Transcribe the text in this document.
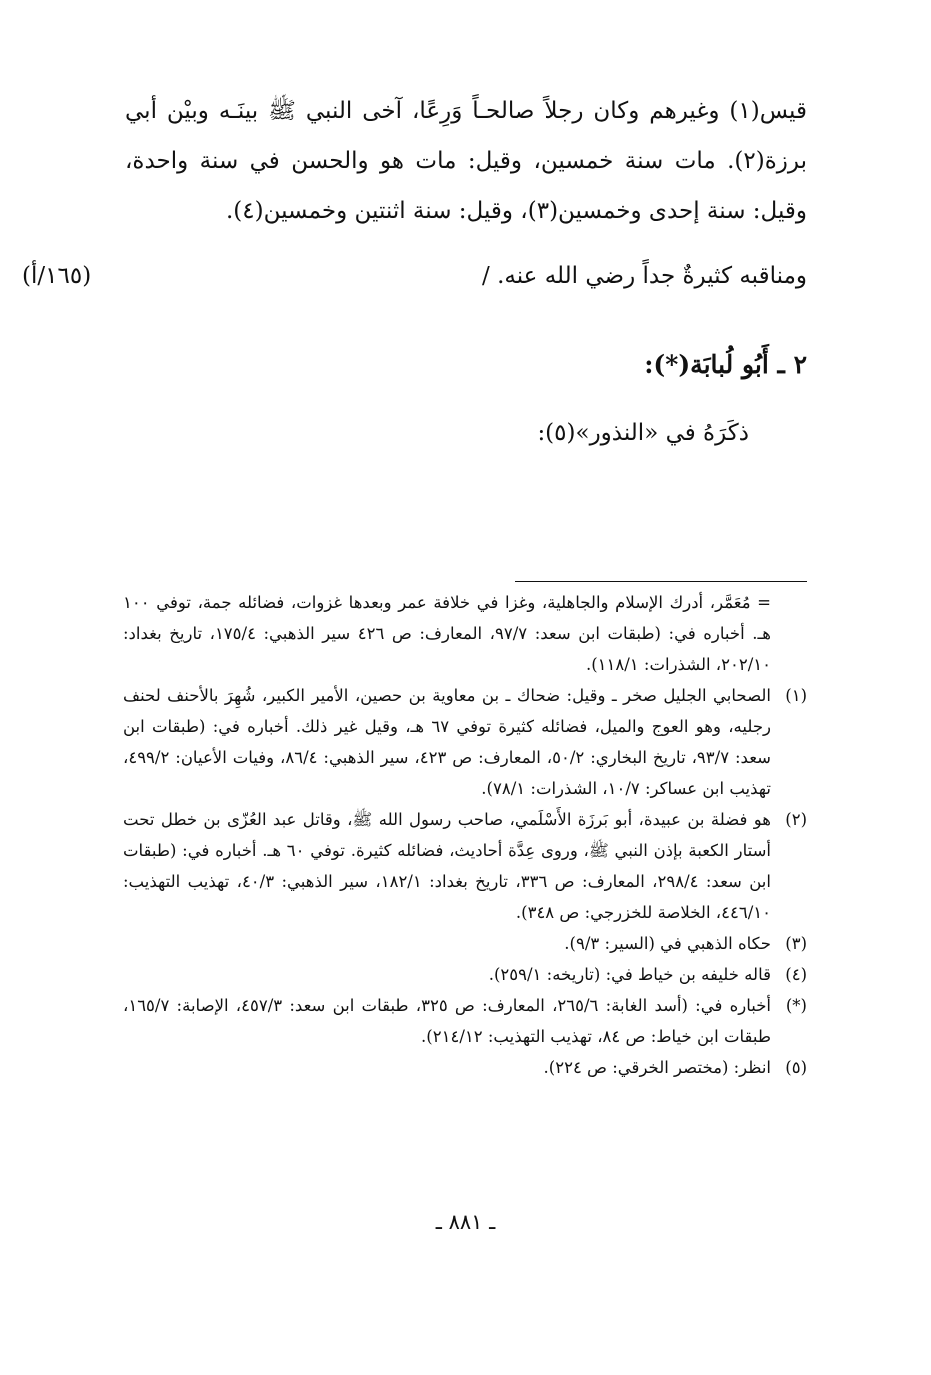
قيس(١) وغيرهم وكان رجلاً صالحـاً وَرِعًا، آخى النبي ﷺ بينَـه وبيْن أبي برزة(٢). مات سنة خمسين، وقيل: مات هو والحسن في سنة واحدة، وقيل: سنة إحدى وخمسين(٣)، وقيل: سنة اثنتين وخمسين(٤).

ومناقبه كثيرةٌ جداً رضي الله عنه. /
(١٦٥/أ)
٢ ـ أَبُو لُبابَة(*):
ذكَرَهُ في «النذور»(٥):
= مُعَمَّر، أدرك الإسلام والجاهلية، وغزا في خلافة عمر وبعدها غزوات، فضائله جمة، توفي ١٠٠ هـ. أخباره في: (طبقات ابن سعد: ٩٧/٧، المعارف: ص ٤٢٦ سير الذهبي: ١٧٥/٤، تاريخ بغداد: ٢٠٢/١٠، الشذرات: ١١٨/١).
(١)
الصحابي الجليل صخر ـ وقيل: ضحاك ـ بن معاوية بن حصين، الأمير الكبير، شُهِرَ بالأحنف لحنف رجليه، وهو العوج والميل، فضائله كثيرة توفي ٦٧ هـ، وقيل غير ذلك. أخباره في: (طبقات ابن سعد: ٩٣/٧، تاريخ البخاري: ٥٠/٢، المعارف: ص ٤٢٣، سير الذهبي: ٨٦/٤، وفيات الأعيان: ٤٩٩/٢، تهذيب ابن عساكر: ١٠/٧، الشذرات: ٧٨/١).
(٢)
هو فضلة بن عبيدة، أبو بَرزَة الأَسْلَمي، صاحب رسول الله ﷺ، وقاتل عبد العُزّى بن خطل تحت أستار الكعبة بإذن النبي ﷺ، وروى عِدَّة أحاديث، فضائله كثيرة. توفي ٦٠ هـ. أخباره في: (طبقات ابن سعد: ٢٩٨/٤، المعارف: ص ٣٣٦، تاريخ بغداد: ١٨٢/١، سير الذهبي: ٤٠/٣، تهذيب التهذيب: ٤٤٦/١٠، الخلاصة للخزرجي: ص ٣٤٨).
(٣)
حكاه الذهبي في (السير: ٩/٣).
(٤)
قاله خليفه بن خياط في: (تاريخه: ٢٥٩/١).
(*)
أخباره في: (أسد الغابة: ٢٦٥/٦، المعارف: ص ٣٢٥، طبقات ابن سعد: ٤٥٧/٣، الإصابة: ١٦٥/٧، طبقات ابن خياط: ص ٨٤، تهذيب التهذيب: ٢١٤/١٢).
(٥)
انظر: (مختصر الخرقي: ص ٢٢٤).
ـ ٨٨١ ـ
